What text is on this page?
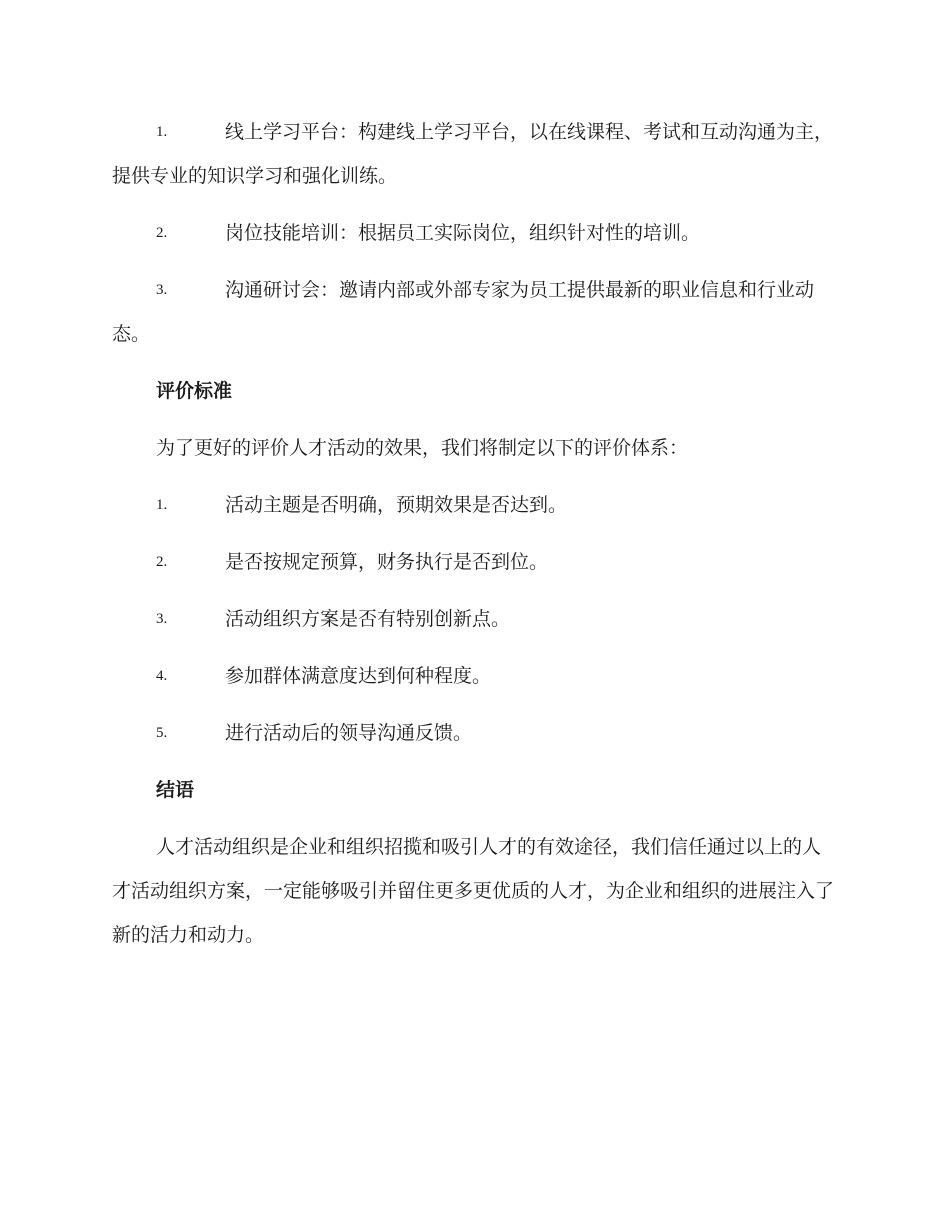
1.	线上学习平台：构建线上学习平台，以在线课程、考试和互动沟通为主，提供专业的知识学习和强化训练。
2.	岗位技能培训：根据员工实际岗位，组织针对性的培训。
3.	沟通研讨会：邀请内部或外部专家为员工提供最新的职业信息和行业动态。
评价标准
为了更好的评价人才活动的效果，我们将制定以下的评价体系：
1.	活动主题是否明确，预期效果是否达到。
2.	是否按规定预算，财务执行是否到位。
3.	活动组织方案是否有特别创新点。
4.	参加群体满意度达到何种程度。
5.	进行活动后的领导沟通反馈。
结语
人才活动组织是企业和组织招揽和吸引人才的有效途径，我们信任通过以上的人才活动组织方案，一定能够吸引并留住更多更优质的人才，为企业和组织的进展注入了新的活力和动力。
